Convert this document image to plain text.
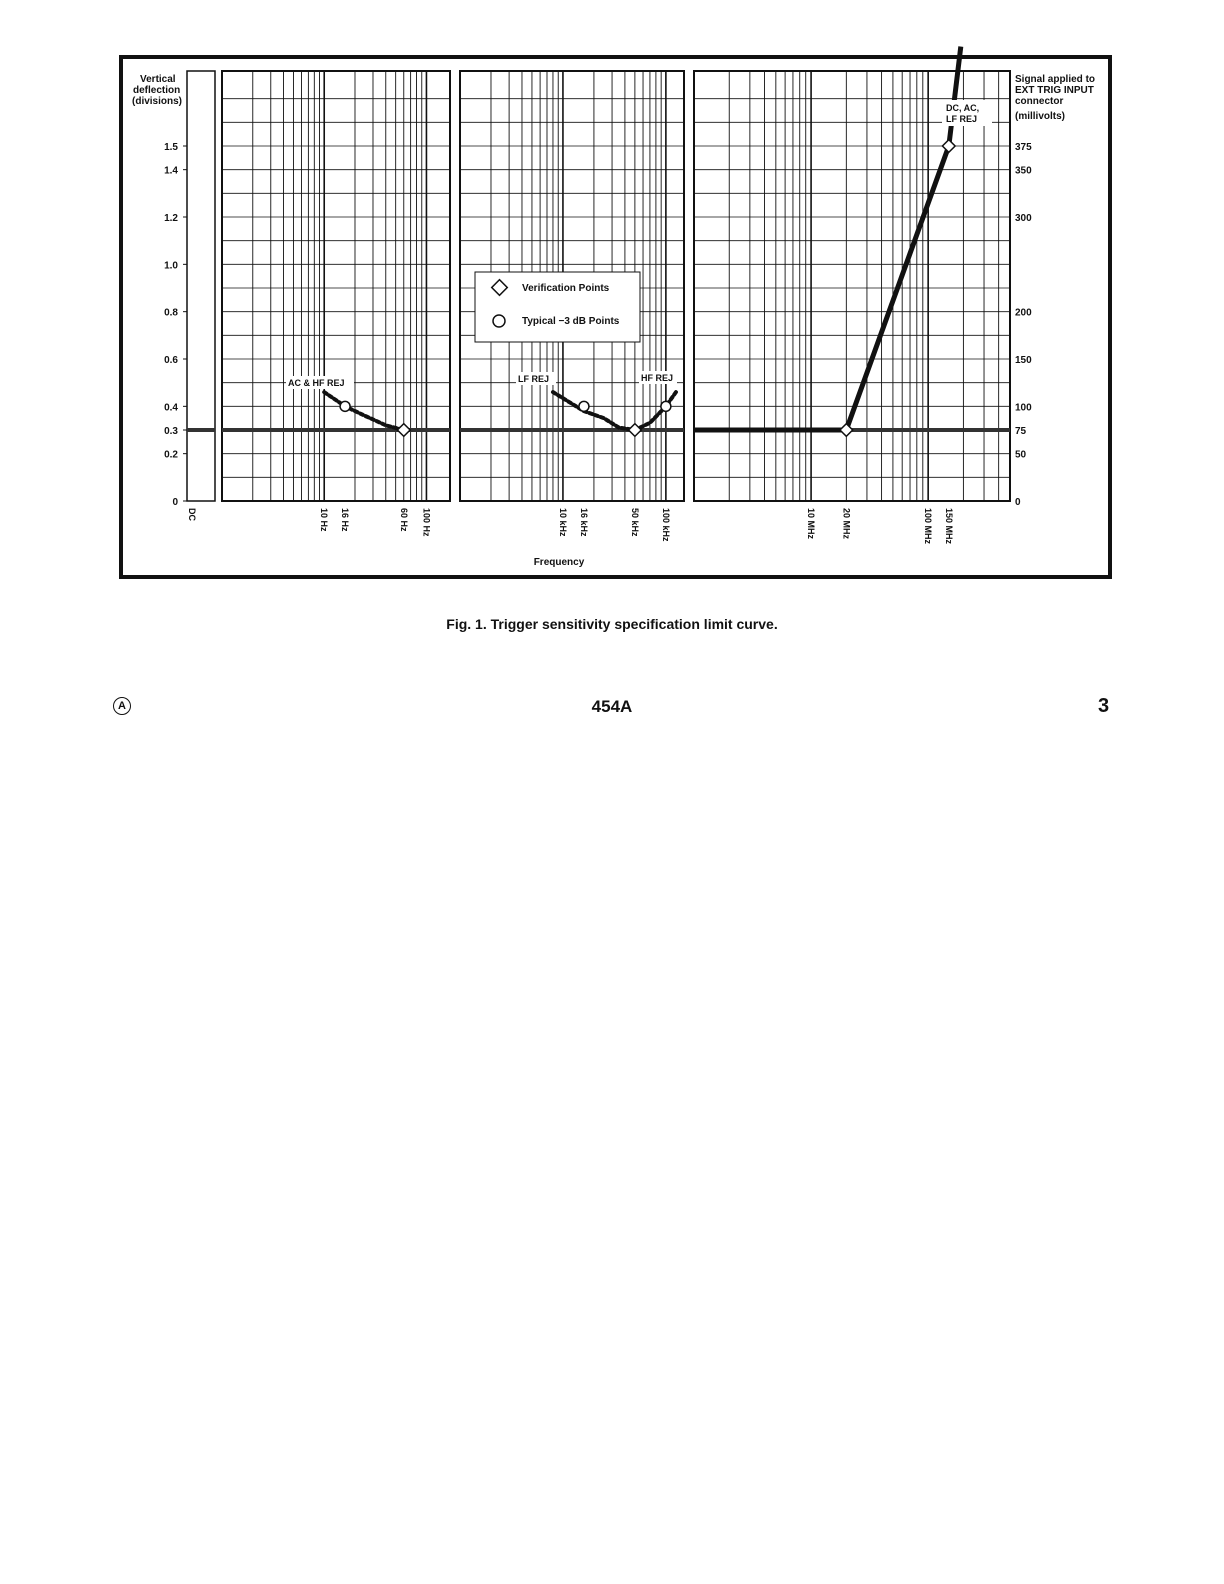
0
0.2
0.3
0.4
0.6
0.8
1.0
1.2
1.4
1.5
0
50
75
100
150
200
300
350
375
DC	10 Hz 16 Hz	60 Hz 100 Hz	10 kHz 16 kHz	50 kHz 100 kHz	10 MHz	20 MHz	100 MHz 150 MHz
AC & HF REJ	LF REJ	HF REJ
DC, AC,
LF REJ
Verification Points
Typical −3 dB Points
Vertical
deflection
(divisions)
Signal applied to
EXT TRIG INPUT
connector
(millivolts)
Frequency
Fig. 1. Trigger sensitivity specification limit curve.
A	454A	3
